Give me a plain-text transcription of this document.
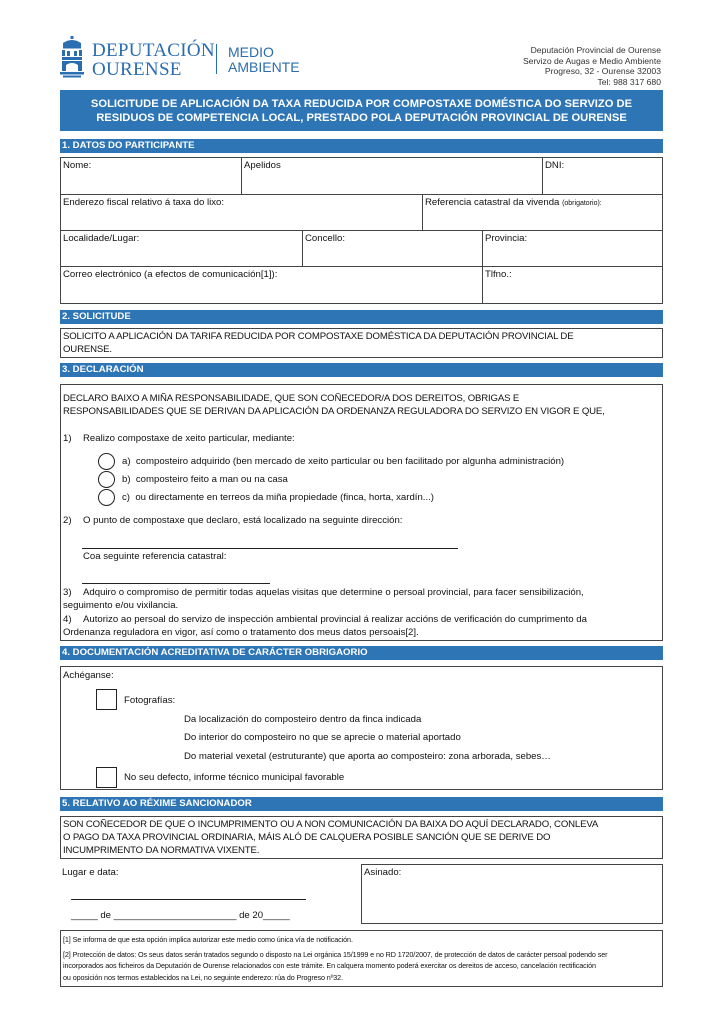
DEPUTACIÓN
OURENSE
MEDIO
AMBIENTE
Deputación Provincial de Ourense
Servizo de Augas e Medio Ambiente
Progreso, 32 - Ourense 32003
Tel: 988 317 680
SOLICITUDE DE APLICACIÓN DA TAXA REDUCIDA POR COMPOSTAXE DOMÉSTICA DO SERVIZO DE
RESIDUOS DE COMPETENCIA LOCAL, PRESTADO POLA DEPUTACIÓN PROVINCIAL DE OURENSE
1. DATOS DO PARTICIPANTE
Nome:	Apelidos	DNI:
Enderezo fiscal relativo á taxa do lixo:	Referencia catastral da vivenda (obrigatorio):
Localidade/Lugar:	Concello:	Provincia:
Correo electrónico (a efectos de comunicación[1]):	Tlfno.:
2. SOLICITUDE
SOLICITO A APLICACIÓN DA TARIFA REDUCIDA POR COMPOSTAXE DOMÉSTICA DA DEPUTACIÓN PROVINCIAL DE
OURENSE.
3. DECLARACIÓN
DECLARO BAIXO A MIÑA RESPONSABILIDADE, QUE SON COÑECEDOR/A DOS DEREITOS, OBRIGAS E
RESPONSABILIDADES QUE SE DERIVAN DA APLICACIÓN DA ORDENANZA REGULADORA DO SERVIZO EN VIGOR E QUE,
1) Realizo compostaxe de xeito particular, mediante:
a) composteiro adquirido (ben mercado de xeito particular ou ben facilitado por algunha administración)
b) composteiro feito a man ou na casa
c) ou directamente en terreos da miña propiedade (finca, horta, xardín...)
2) O punto de compostaxe que declaro, está localizado na seguinte dirección:
Coa seguinte referencia catastral:
3) Adquiro o compromiso de permitir todas aquelas visitas que determine o persoal provincial, para facer sensibilización,
seguimento e/ou vixilancia.
4) Autorizo ao persoal do servizo de inspección ambiental provincial á realizar accións de verificación do cumprimento da
Ordenanza reguladora en vigor, así como o tratamento dos meus datos persoais[2].
4. DOCUMENTACIÓN ACREDITATIVA DE CARÁCTER OBRIGAORIO
Achéganse:
Fotografías:
Da localización do composteiro dentro da finca indicada
Do interior do composteiro no que se aprecie o material aportado
Do material vexetal (estruturante) que aporta ao composteiro: zona arborada, sebes…
No seu defecto, informe técnico municipal favorable
5. RELATIVO AO RÉXIME SANCIONADOR
SON COÑECEDOR DE QUE O INCUMPRIMENTO OU A NON COMUNICACIÓN DA BAIXA DO AQUÍ DECLARADO, CONLEVA
O PAGO DA TAXA PROVINCIAL ORDINARIA, MÁIS ALÓ DE CALQUERA POSIBLE SANCIÓN QUE SE DERIVE DO
INCUMPRIMENTO DA NORMATIVA VIXENTE.
Lugar e data:
_____ de _______________________ de 20_____
Asinado:
[1] Se informa de que esta opción implica autorizar este medio como única vía de notificación.
[2] Protección de datos: Os seus datos serán tratados segundo o disposto na Lei orgánica 15/1999 e no RD 1720/2007, de protección de datos de carácter persoal podendo ser
incorporados aos ficheiros da Deputación de Ourense relacionados con este trámite. En calquera momento poderá exercitar os dereitos de acceso, cancelación rectificación
ou oposición nos termos establecidos na Lei, no seguinte enderezo: rúa do Progreso nº32.
